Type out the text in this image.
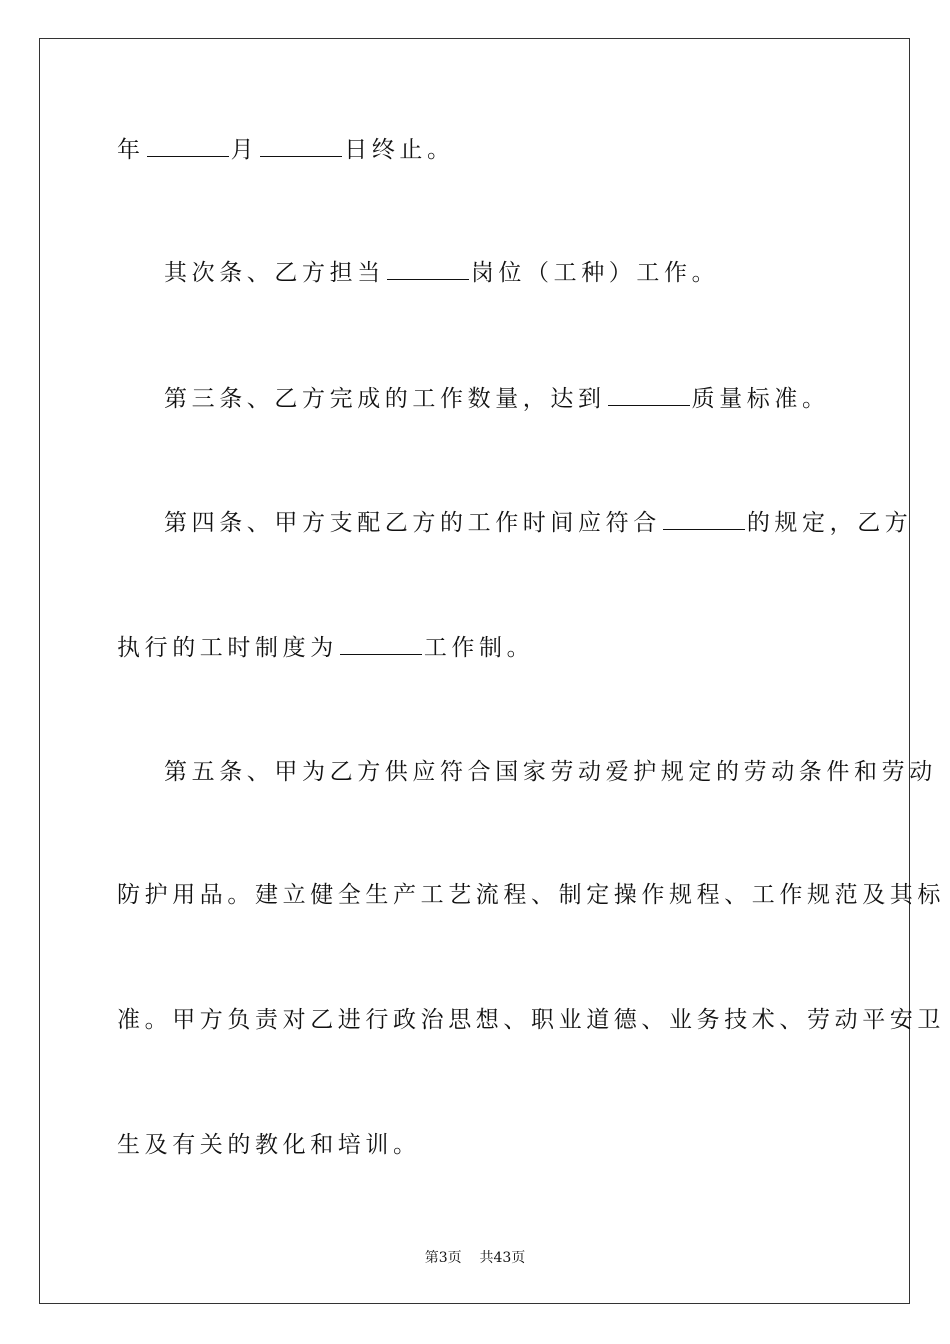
年	月	日终止。
其次条、乙方担当	岗位（工种）工作。
第三条、乙方完成的工作数量，达到	质量标准。
第四条、甲方支配乙方的工作时间应符合	的规定，乙方
执行的工时制度为	工作制。
第五条、甲为乙方供应符合国家劳动爱护规定的劳动条件和劳动
防护用品。建立健全生产工艺流程、制定操作规程、工作规范及其标
准。甲方负责对乙进行政治思想、职业道德、业务技术、劳动平安卫
生及有关的教化和培训。
第3页 共43页
